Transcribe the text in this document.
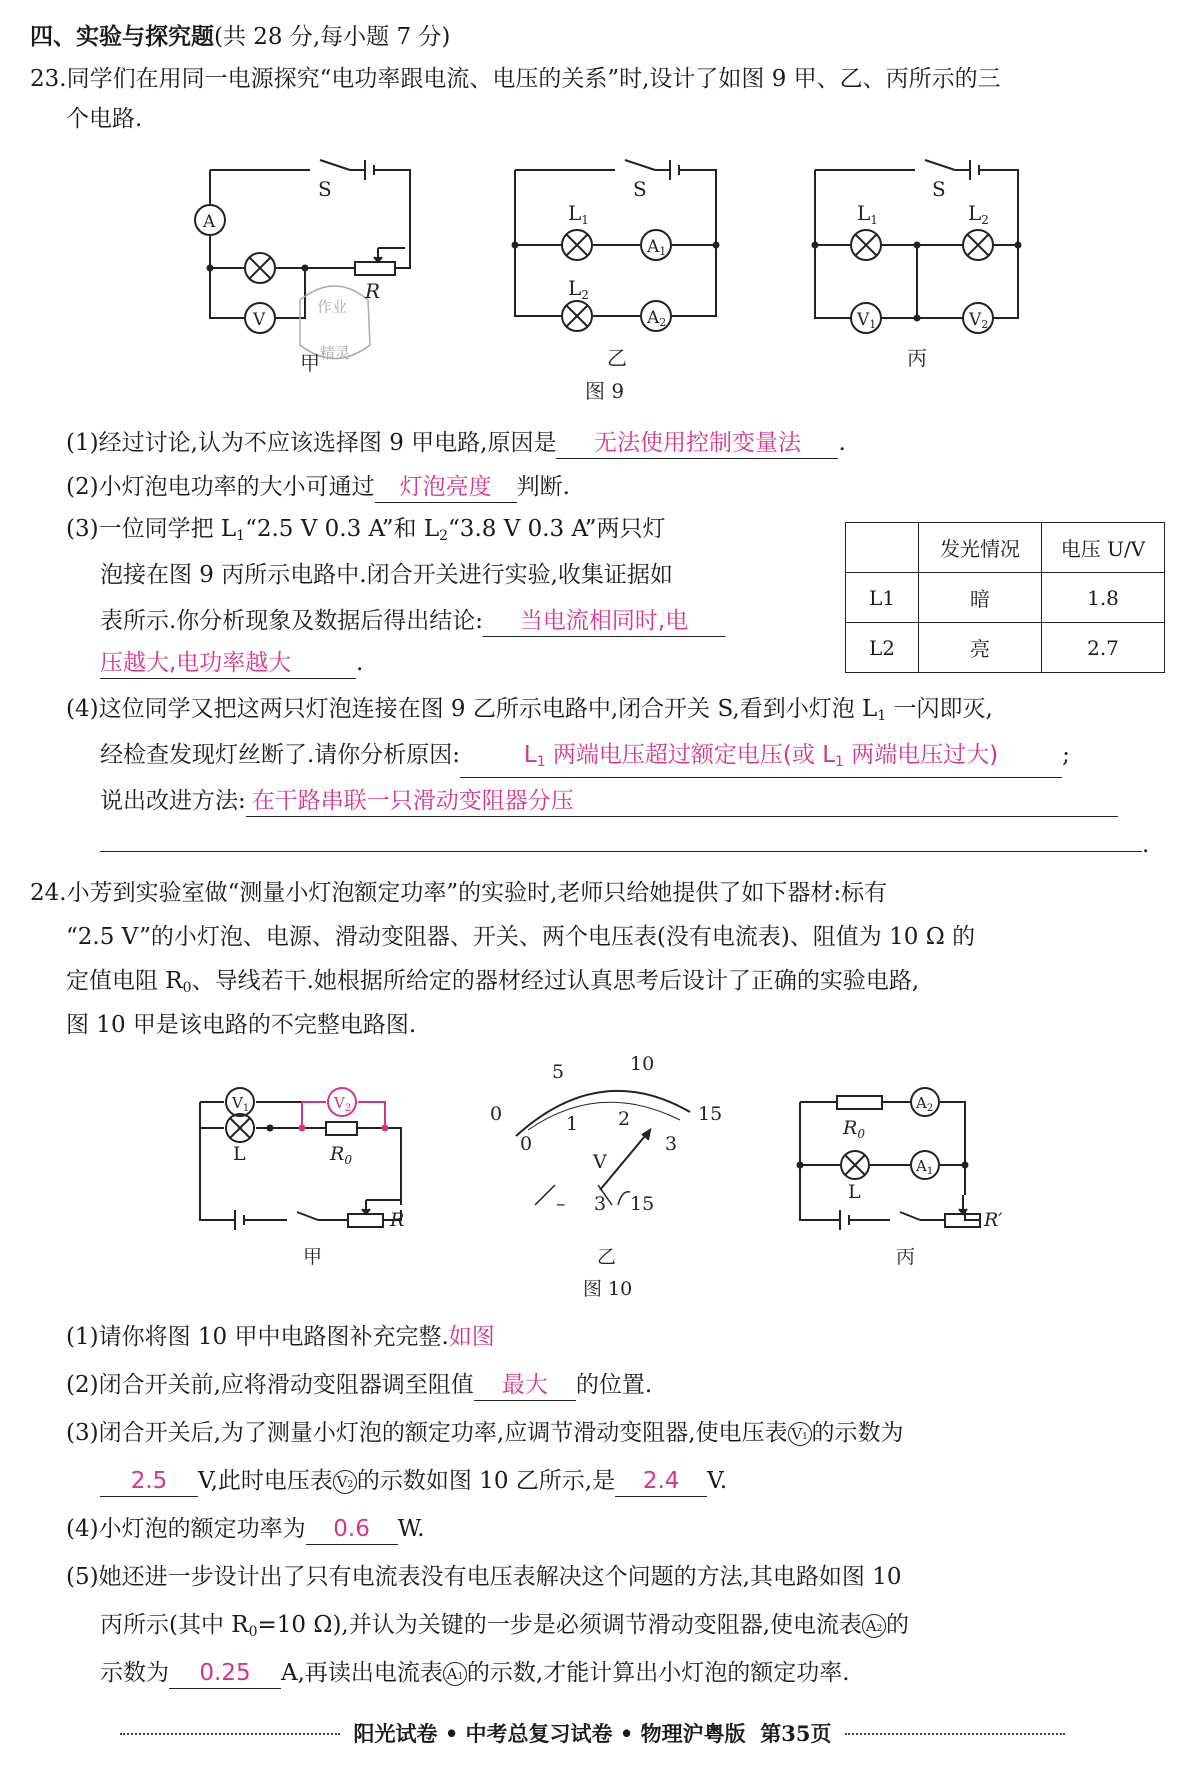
四、实验与探究题(共 28 分,每小题 7 分)
23.同学们在用同一电源探究“电功率跟电流、电压的关系”时,设计了如图 9 甲、乙、丙所示的三
个电路.
S
A
V
R
甲
作业
精灵
S
$L_1$
$L_2$
A1
A2
乙
S
$L_1$	$L_2$
V1	V2
丙
图 9
(1)经过讨论,认为不应该选择图 9 甲电路,原因是 无法使用控制变量法 .
(2)小灯泡电功率的大小可通过 灯泡亮度 判断.
(3)一位同学把 $L_1“2.5$ V 0.3 A”和 $L_2“3.8$ V 0.3 A”两只灯
泡接在图 9 丙所示电路中.闭合开关进行实验,收集证据如
表所示.你分析现象及数据后得出结论: 当电流相同时,电
压越大,电功率越大	.
	发光情况	电压 U/V
L1	暗	1.8
L2	亮	2.7
(4)这位同学又把这两只灯泡连接在图 9 乙所示电路中,闭合开关 S,看到小灯泡 $L_1$ 一闪即灭,
经检查发现灯丝断了.请你分析原因:	$L_1$ 两端电压超过额定电压(或 $L_1$ 两端电压过大)	;
说出改进方法: 在干路串联一只滑动变阻器分压
.
24.小芳到实验室做“测量小灯泡额定功率”的实验时,老师只给她提供了如下器材:标有
“2.5 V”的小灯泡、电源、滑动变阻器、开关、两个电压表(没有电流表)、阻值为 10 Ω 的
定值电阻 $R_0$、导线若干.她根据所给定的器材经过认真思考后设计了正确的实验电路,
图 10 甲是该电路的不完整电路图.
$V_1$	$V_2$
L	$R_0$
R
甲
0
5	10
15
0
1 2
3
V
– 3 15
乙
$A_2$
$A_1$
$R_0$
L
R′
丙
图 10
(1)请你将图 10 甲中电路图补充完整.如图
(2)闭合开关前,应将滑动变阻器调至阻值 最大 的位置.
(3)闭合开关后,为了测量小灯泡的额定功率,应调节滑动变阻器,使电压表 V1 的示数为
2.5 V,此时电压表 V2 的示数如图 10 乙所示,是 2.4 V.
(4)小灯泡的额定功率为 0.6 W.
(5)她还进一步设计出了只有电流表没有电压表解决这个问题的方法,其电路如图 10
丙所示(其中 $R_0=10$ Ω),并认为关键的一步是必须调节滑动变阻器,使电流表 A2 的
示数为 0.25 A,再读出电流表 A1 的示数,才能计算出小灯泡的额定功率.
阳光试卷 • 中考总复习试卷 • 物理沪粤版 第35页
